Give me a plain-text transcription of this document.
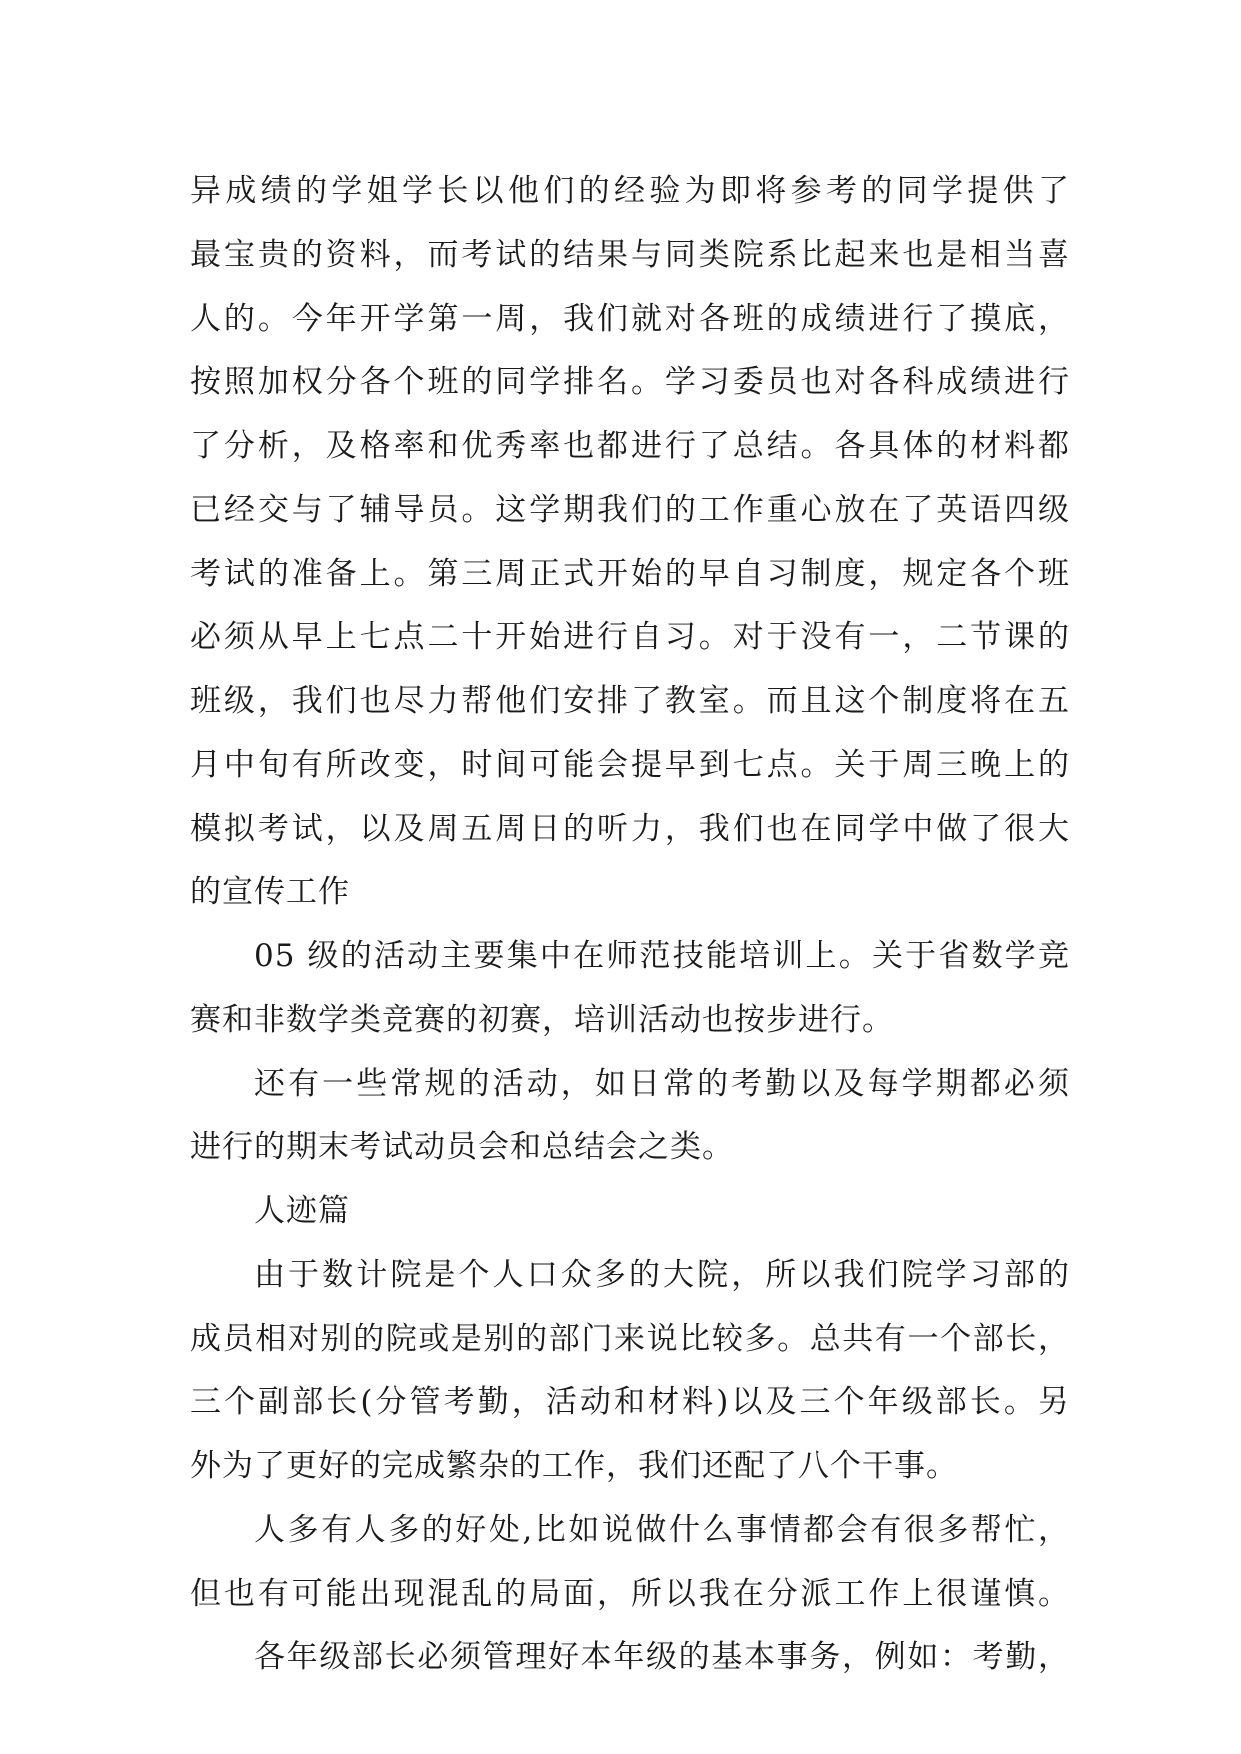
异成绩的学姐学长以他们的经验为即将参考的同学提供了
最宝贵的资料，而考试的结果与同类院系比起来也是相当喜
人的。今年开学第一周，我们就对各班的成绩进行了摸底，
按照加权分各个班的同学排名。学习委员也对各科成绩进行
了分析，及格率和优秀率也都进行了总结。各具体的材料都
已经交与了辅导员。这学期我们的工作重心放在了英语四级
考试的准备上。第三周正式开始的早自习制度，规定各个班
必须从早上七点二十开始进行自习。对于没有一，二节课的
班级，我们也尽力帮他们安排了教室。而且这个制度将在五
月中旬有所改变，时间可能会提早到七点。关于周三晚上的
模拟考试，以及周五周日的听力，我们也在同学中做了很大
的宣传工作
05 级的活动主要集中在师范技能培训上。关于省数学竞
赛和非数学类竞赛的初赛，培训活动也按步进行。
还有一些常规的活动，如日常的考勤以及每学期都必须
进行的期末考试动员会和总结会之类。
人迹篇
由于数计院是个人口众多的大院，所以我们院学习部的
成员相对别的院或是别的部门来说比较多。总共有一个部长，
三个副部长(分管考勤，活动和材料)以及三个年级部长。另
外为了更好的完成繁杂的工作，我们还配了八个干事。
人多有人多的好处,比如说做什么事情都会有很多帮忙，
但也有可能出现混乱的局面，所以我在分派工作上很谨慎。
各年级部长必须管理好本年级的基本事务，例如：考勤，
